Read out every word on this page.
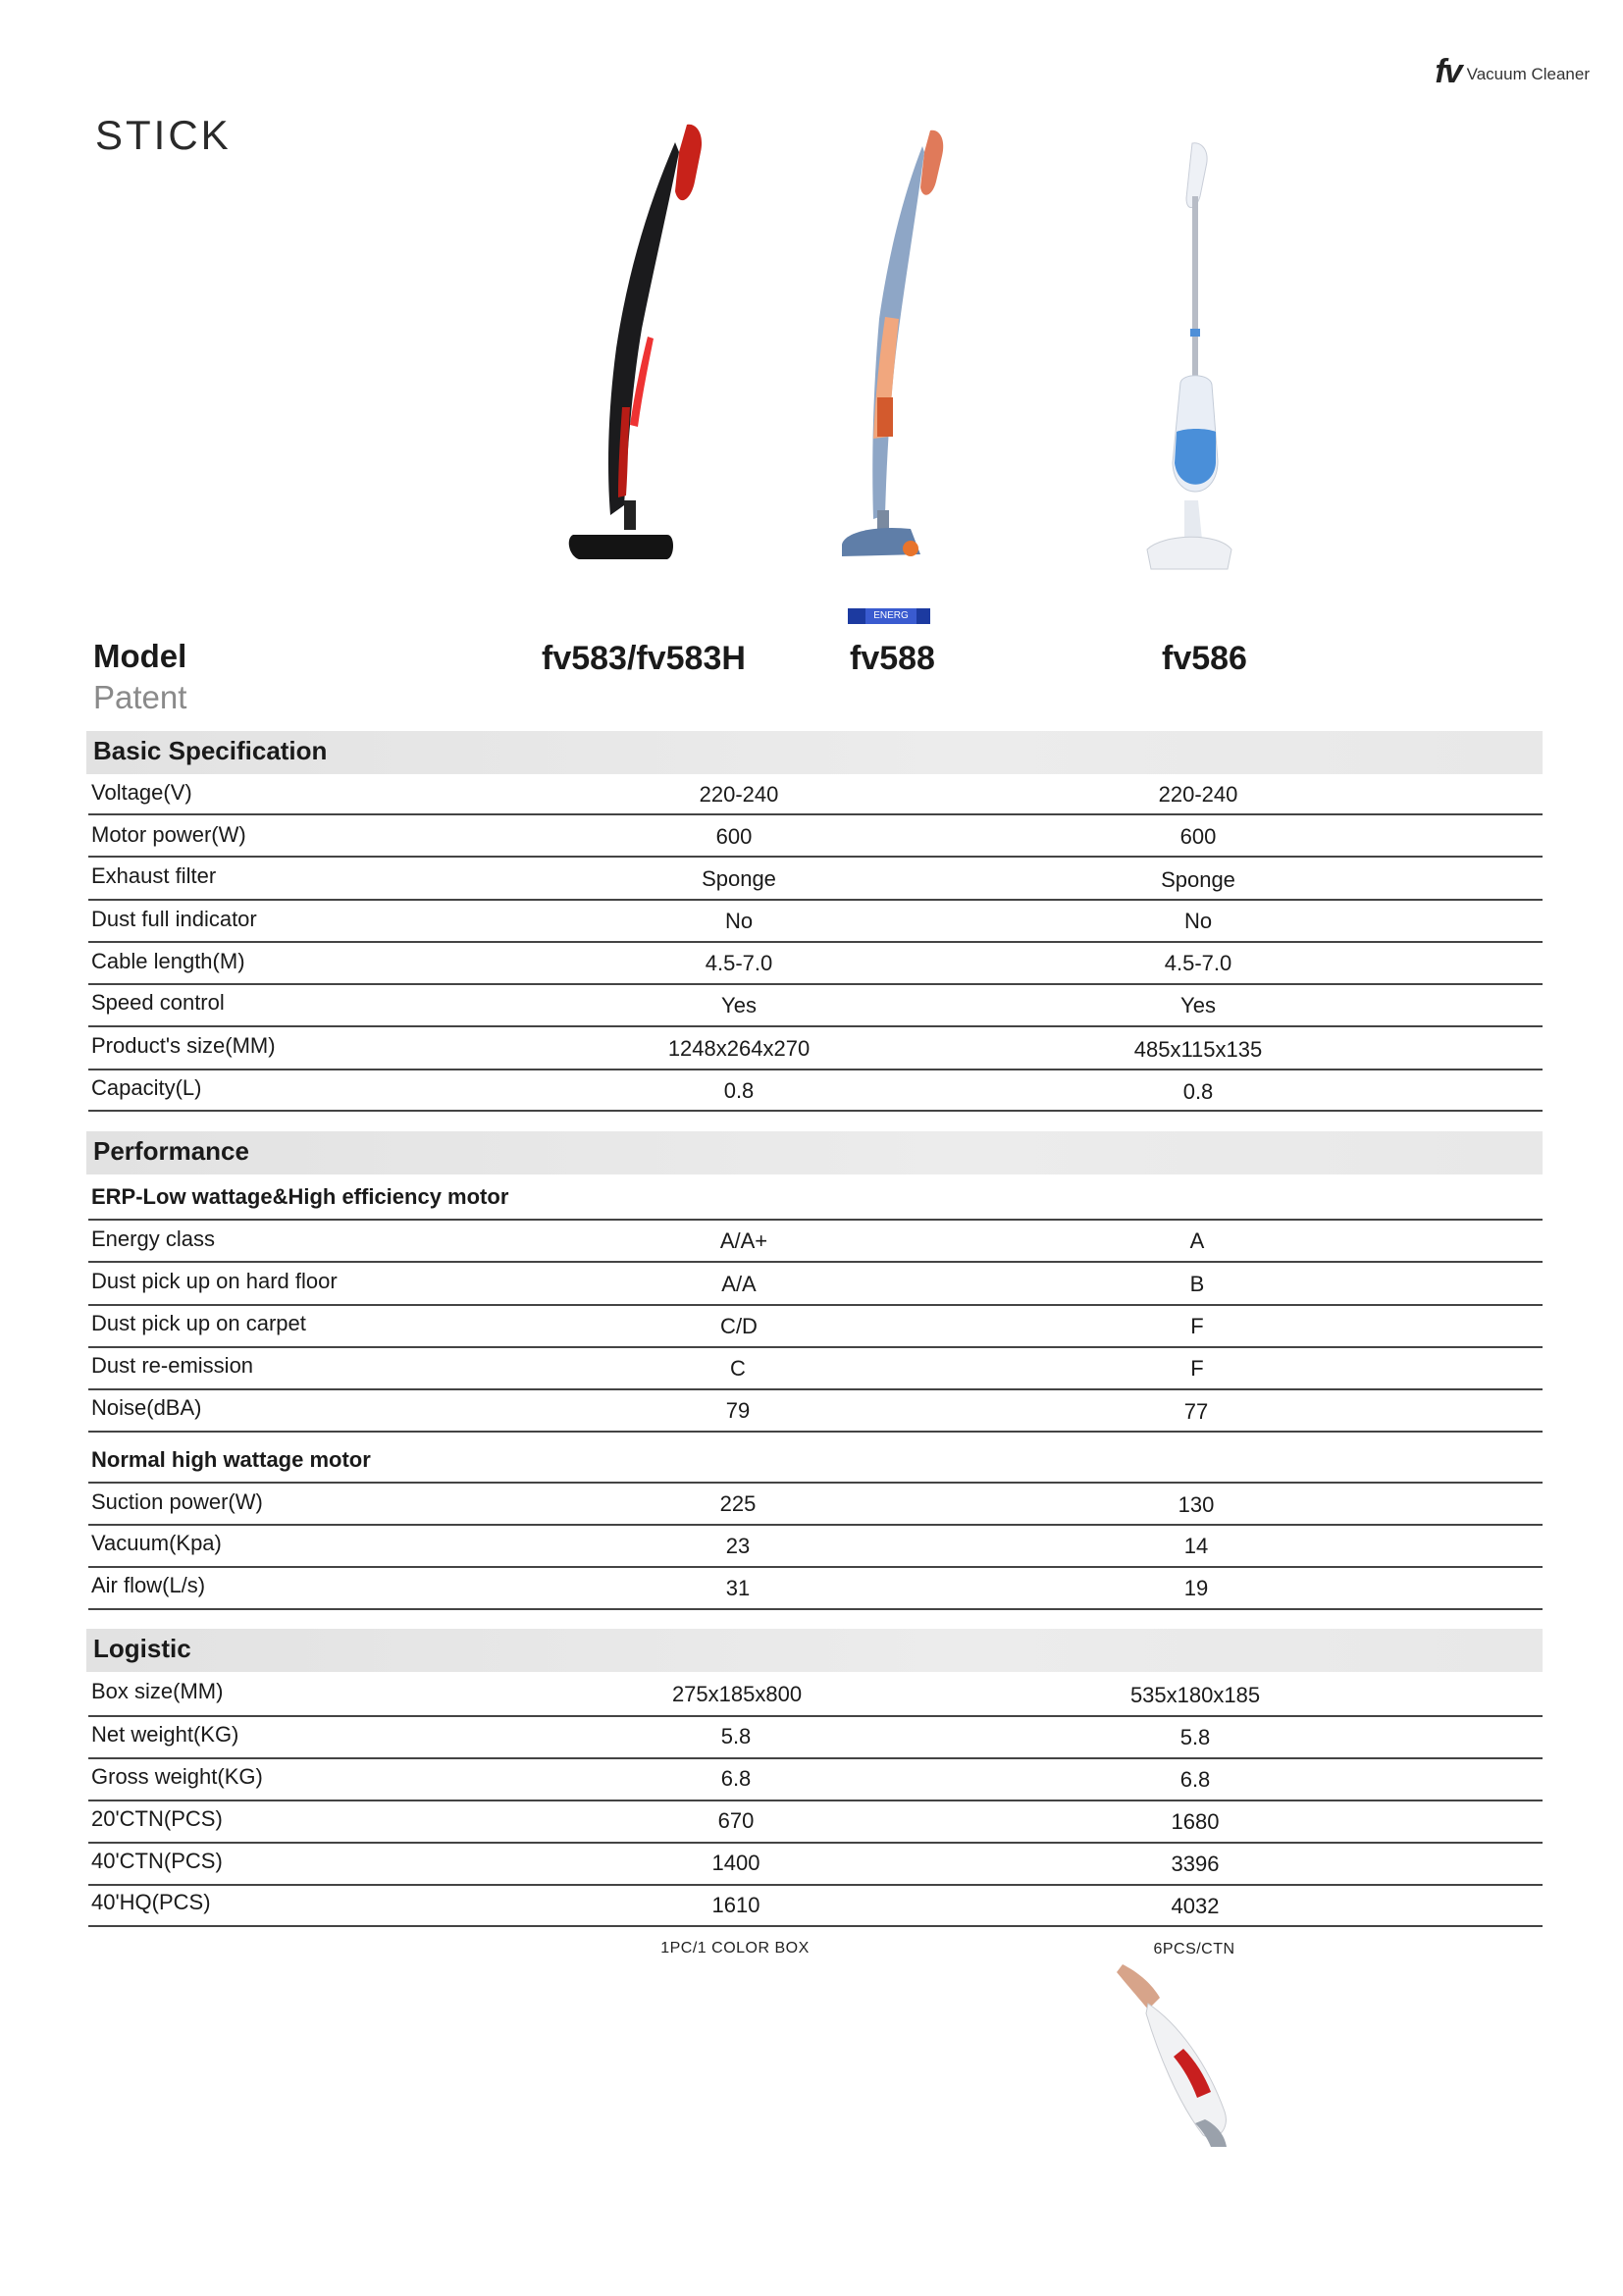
fv Vacuum Cleaner
STICK
ENERG
Model
Patent
fv583/fv583H	fv588	fv586
Basic Specification
Voltage(V)	220-240	220-240
Motor power(W)	600	600
Exhaust filter	Sponge	Sponge
Dust full indicator	No	No
Cable length(M)	4.5-7.0	4.5-7.0
Speed control	Yes	Yes
Product's size(MM)	1248x264x270	485x115x135
Capacity(L)	0.8	0.8
Performance
ERP-Low wattage&High efficiency motor
Energy class	A/A+	A
Dust pick up on hard floor	A/A	B
Dust pick up on carpet	C/D	F
Dust re-emission	C	F
Noise(dBA)	79	77
Normal high wattage motor
Suction power(W)	225	130
Vacuum(Kpa)	23	14
Air flow(L/s)	31	19
Logistic
Box size(MM)	275x185x800	535x180x185
Net weight(KG)	5.8	5.8
Gross weight(KG)	6.8	6.8
20'CTN(PCS)	670	1680
40'CTN(PCS)	1400	3396
40'HQ(PCS)	1610	4032
1PC/1 COLOR BOX	6PCS/CTN
